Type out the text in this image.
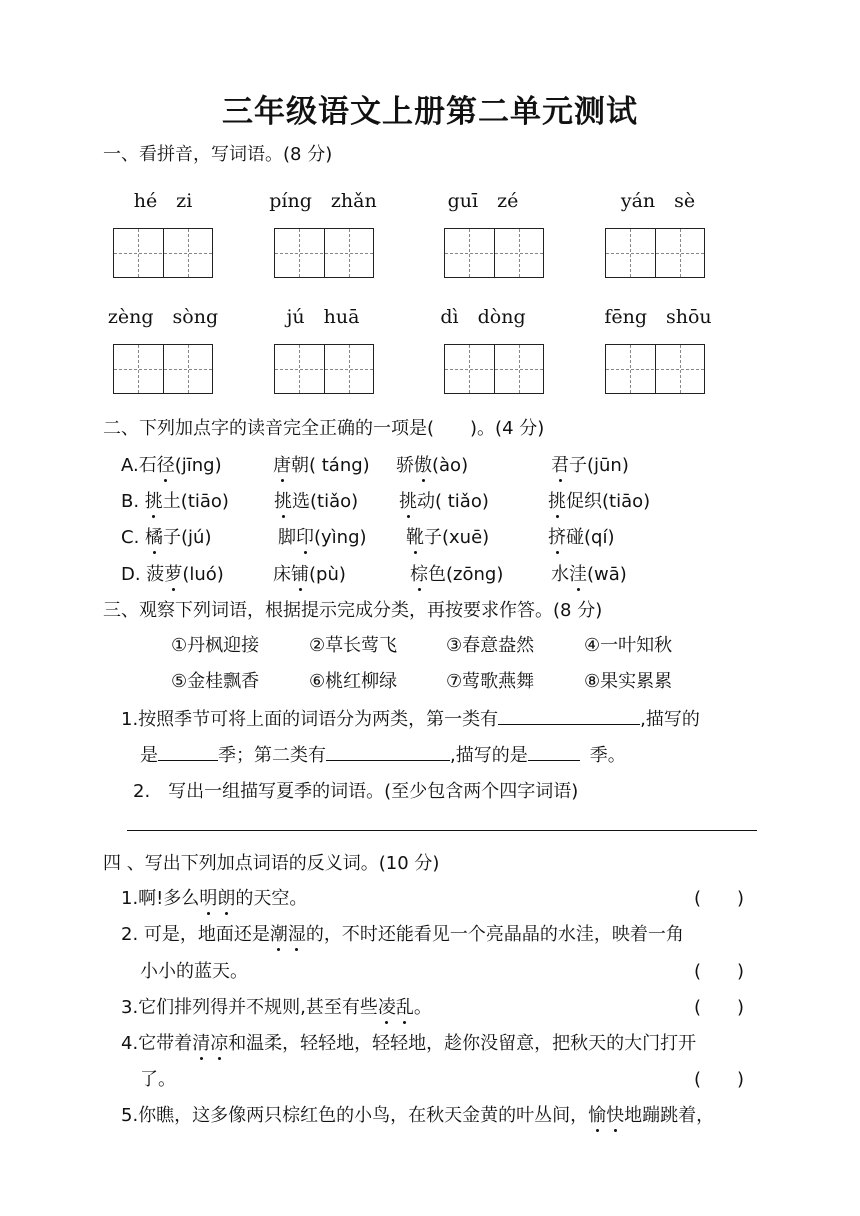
三年级语文上册第二单元测试
一、看拼音，写词语。(8 分)
hé　zi	píng　zhǎn	guī　zé	yán　sè
zèng　sòng	jú　huā	dì　dòng	fēng　shōu
二、下列加点字的读音完全正确的一项是(　　)。(4 分)
A.石径(jīng)	唐朝( táng) 骄傲(ào)	君子(jūn)
B. 挑土(tiāo)	挑选(tiǎo) 挑动( tiǎo)	挑促织(tiāo)
C. 橘子(jú)	脚印(yìng) 靴子(xuē)	挤碰(qí)
D. 菠萝(luó)	床铺(pù)	棕色(zōng)	水洼(wā)
三、观察下列词语，根据提示完成分类，再按要求作答。(8 分)
①丹枫迎接	②草长莺飞	③春意盎然	④一叶知秋
⑤金桂飘香	⑥桃红柳绿	⑦莺歌燕舞	⑧果实累累
1.按照季节可将上面的词语分为两类，第一类有	,描写的
是	季；第二类有	,描写的是	季。
2.　写出一组描写夏季的词语。(至少包含两个四字词语)
四 、写出下列加点词语的反义词。(10 分)
1.啊!多么明朗的天空。	(　　)
2. 可是，地面还是潮湿的，不时还能看见一个亮晶晶的水洼，映着一角
小小的蓝天。	(　　)
3.它们排列得并不规则,甚至有些凌乱。	(　　)
4.它带着清凉和温柔，轻轻地，轻轻地，趁你没留意，把秋天的大门打开
了。	(　　)
5.你瞧，这多像两只棕红色的小鸟，在秋天金黄的叶丛间，愉快地蹦跳着，
